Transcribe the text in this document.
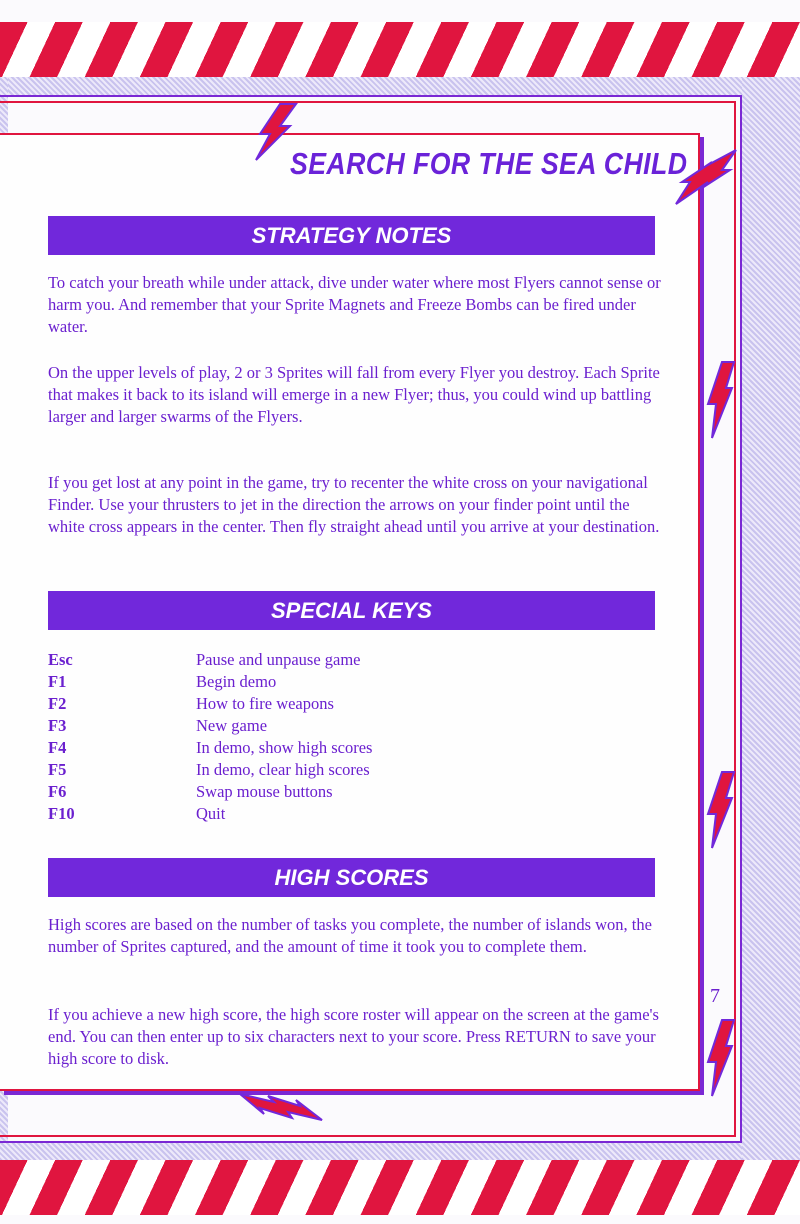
SEARCH FOR THE SEA CHILD
STRATEGY NOTES

To catch your breath while under attack, dive under water where most Flyers cannot sense or harm you. And remember that your Sprite Magnets and Freeze Bombs can be fired under water.

On the upper levels of play, 2 or 3 Sprites will fall from every Flyer you destroy. Each Sprite that makes it back to its island will emerge in a new Flyer; thus, you could wind up battling larger and larger swarms of the Flyers.

If you get lost at any point in the game, try to recenter the white cross on your navigational Finder. Use your thrusters to jet in the direction the arrows on your finder point until the white cross appears in the center. Then fly straight ahead until you arrive at your destination.

SPECIAL KEYS
Esc	Pause and unpause game
F1	Begin demo
F2	How to fire weapons
F3	New game
F4	In demo, show high scores
F5	In demo, clear high scores
F6	Swap mouse buttons
F10	Quit
HIGH SCORES

High scores are based on the number of tasks you complete, the number of islands won, the number of Sprites captured, and the amount of time it took you to complete them.

If you achieve a new high score, the high score roster will appear on the screen at the game's end. You can then enter up to six characters next to your score. Press RETURN to save your high score to disk.

7
